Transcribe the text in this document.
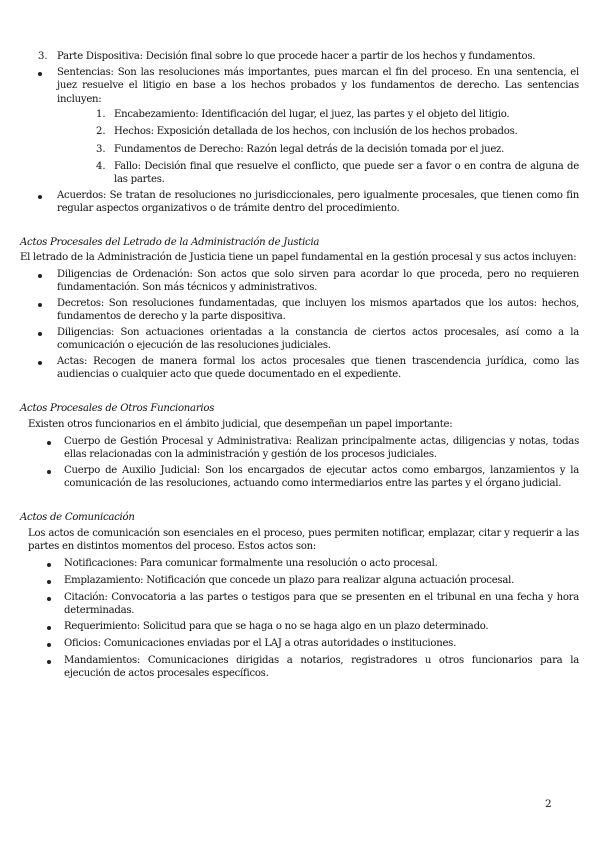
3. Parte Dispositiva: Decisión final sobre lo que procede hacer a partir de los hechos y fundamentos.
Sentencias: Son las resoluciones más importantes, pues marcan el fin del proceso. En una sentencia, el juez resuelve el litigio en base a los hechos probados y los fundamentos de derecho. Las sentencias incluyen:
1. Encabezamiento: Identificación del lugar, el juez, las partes y el objeto del litigio.
2. Hechos: Exposición detallada de los hechos, con inclusión de los hechos probados.
3. Fundamentos de Derecho: Razón legal detrás de la decisión tomada por el juez.
4. Fallo: Decisión final que resuelve el conflicto, que puede ser a favor o en contra de alguna de las partes.
Acuerdos: Se tratan de resoluciones no jurisdiccionales, pero igualmente procesales, que tienen como fin regular aspectos organizativos o de trámite dentro del procedimiento.
Actos Procesales del Letrado de la Administración de Justicia
El letrado de la Administración de Justicia tiene un papel fundamental en la gestión procesal y sus actos incluyen:
Diligencias de Ordenación: Son actos que solo sirven para acordar lo que proceda, pero no requieren fundamentación. Son más técnicos y administrativos.
Decretos: Son resoluciones fundamentadas, que incluyen los mismos apartados que los autos: hechos, fundamentos de derecho y la parte dispositiva.
Diligencias: Son actuaciones orientadas a la constancia de ciertos actos procesales, así como a la comunicación o ejecución de las resoluciones judiciales.
Actas: Recogen de manera formal los actos procesales que tienen trascendencia jurídica, como las audiencias o cualquier acto que quede documentado en el expediente.
Actos Procesales de Otros Funcionarios
Existen otros funcionarios en el ámbito judicial, que desempeñan un papel importante:
Cuerpo de Gestión Procesal y Administrativa: Realizan principalmente actas, diligencias y notas, todas ellas relacionadas con la administración y gestión de los procesos judiciales.
Cuerpo de Auxilio Judicial: Son los encargados de ejecutar actos como embargos, lanzamientos y la comunicación de las resoluciones, actuando como intermediarios entre las partes y el órgano judicial.
Actos de Comunicación
Los actos de comunicación son esenciales en el proceso, pues permiten notificar, emplazar, citar y requerir a las partes en distintos momentos del proceso. Estos actos son:
Notificaciones: Para comunicar formalmente una resolución o acto procesal.
Emplazamiento: Notificación que concede un plazo para realizar alguna actuación procesal.
Citación: Convocatoria a las partes o testigos para que se presenten en el tribunal en una fecha y hora determinadas.
Requerimiento: Solicitud para que se haga o no se haga algo en un plazo determinado.
Oficios: Comunicaciones enviadas por el LAJ a otras autoridades o instituciones.
Mandamientos: Comunicaciones dirigidas a notarios, registradores u otros funcionarios para la ejecución de actos procesales específicos.
2
